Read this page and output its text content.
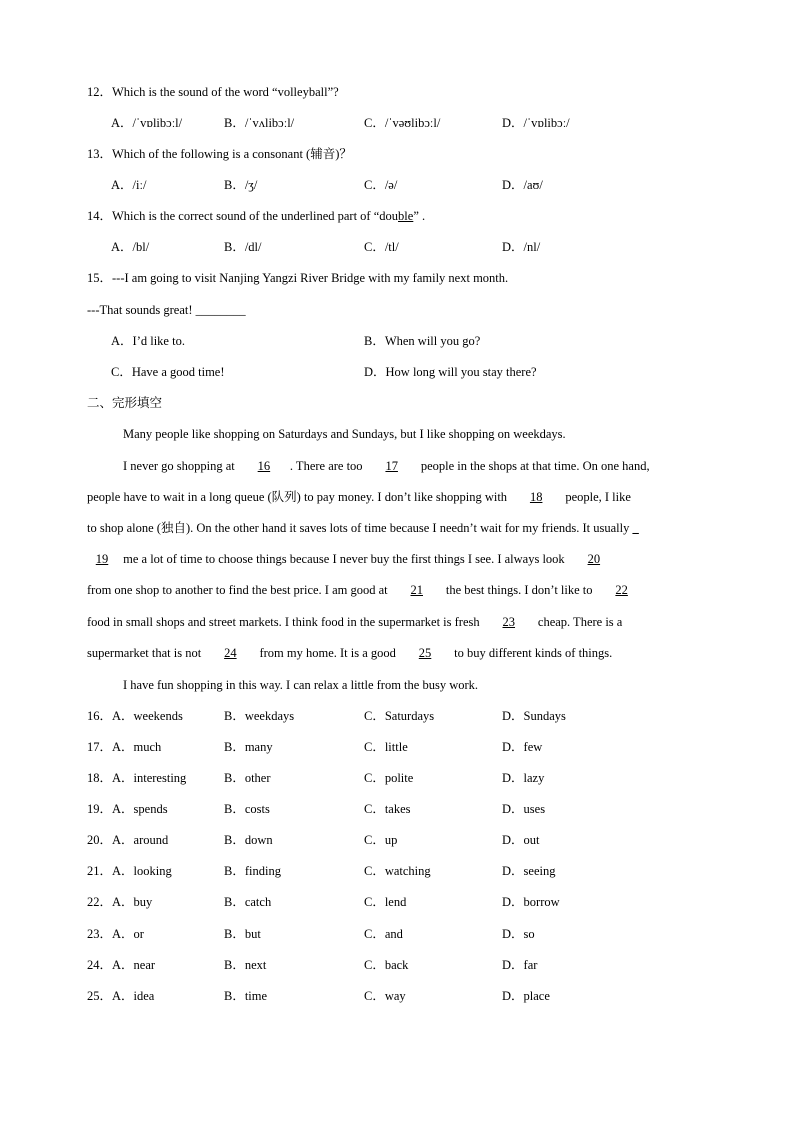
12．Which is the sound of the word “volleyball”?
A．/ˈvɒlibɔːl/	B．/ˈvʌlibɔːl/	C．/ˈvəʊlibɔːl/	D．/ˈvɒlibɔː/
13．Which of the following is a consonant (辅音)？
A．/iː/	B．/ʒ/	C．/ə/	D．/aʊ/
14．Which is the correct sound of the underlined part of “double” .
A．/bl/	B．/dl/	C．/tl/	D．/nl/
15．---I am going to visit Nanjing Yangzi River Bridge with my family next month.
---That sounds great! ________
A．I’d like to.	B．When will you go?
C．Have a good time!	D．How long will you stay there?
二、完形填空
Many people like shopping on Saturdays and Sundays, but I like shopping on weekdays.
I never go shopping at 16 . There are too 17 people in the shops at that time. On one hand,
people have to wait in a long queue (队列) to pay money. I don’t like shopping with 18 people, I like
to shop alone (独自). On the other hand it saves lots of time because I needn’t wait for my friends. It usually _
19 me a lot of time to choose things because I never buy the first things I see. I always look 20
from one shop to another to find the best price. I am good at 21 the best things. I don’t like to 22
food in small shops and street markets. I think food in the supermarket is fresh 23 cheap. There is a
supermarket that is not 24 from my home. It is a good 25 to buy different kinds of things.
I have fun shopping in this way. I can relax a little from the busy work.
16．A．weekends	B．weekdays	C．Saturdays	D．Sundays
17．A．much	B．many	C．little	D．few
18．A．interesting	B．other	C．polite	D．lazy
19．A．spends	B．costs	C．takes	D．uses
20．A．around	B．down	C．up	D．out
21．A．looking	B．finding	C．watching	D．seeing
22．A．buy	B．catch	C．lend	D．borrow
23．A．or	B．but	C．and	D．so
24．A．near	B．next	C．back	D．far
25．A．idea	B．time	C．way	D．place
